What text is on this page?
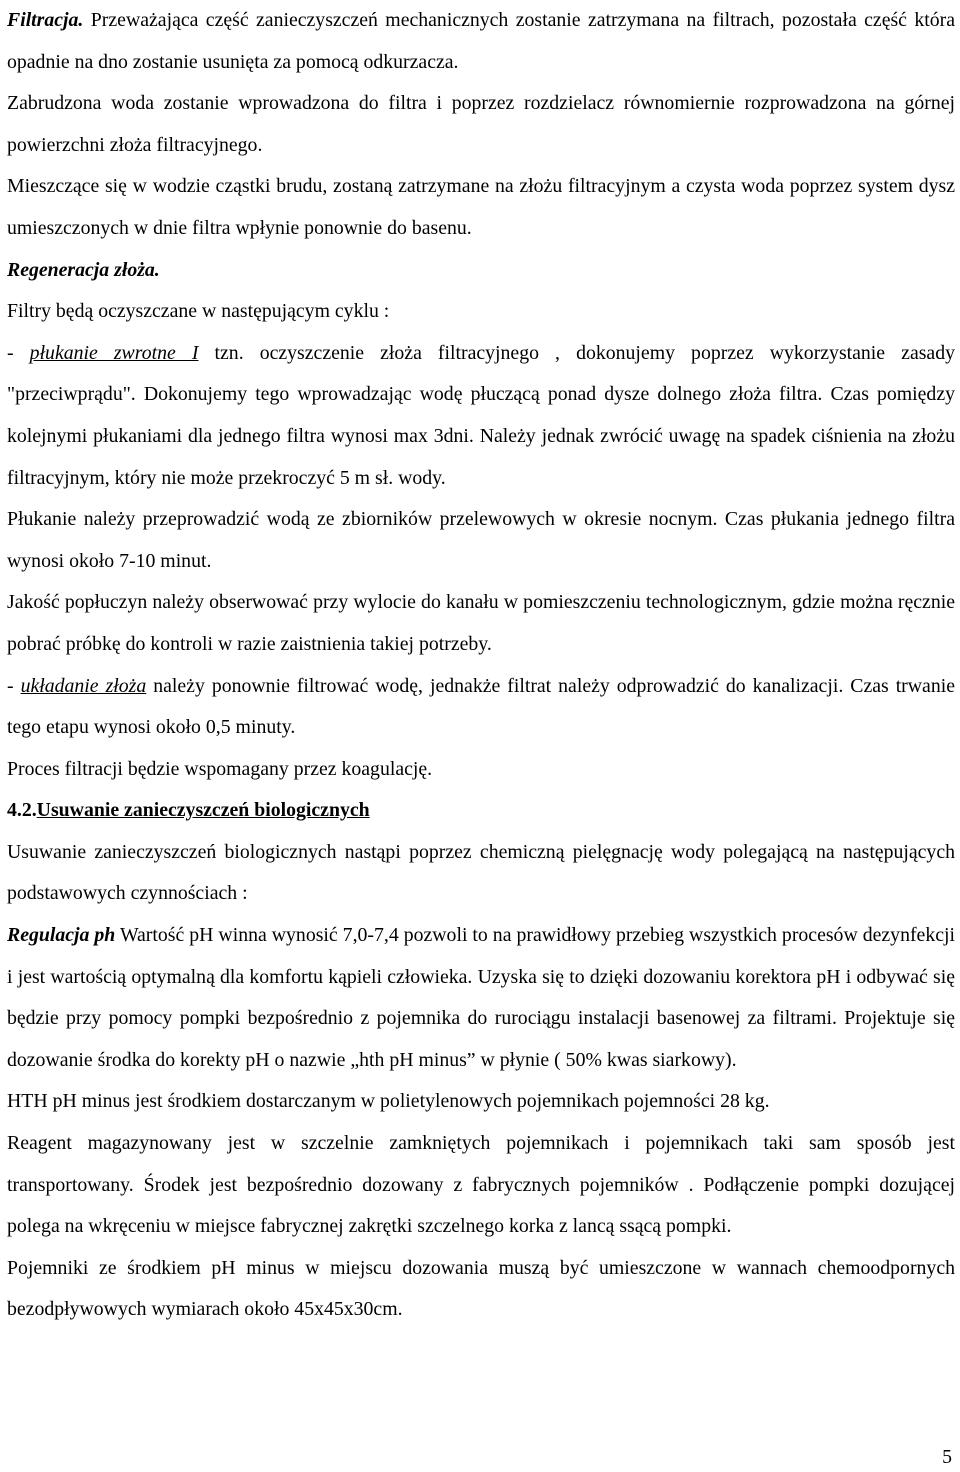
Filtracja. Przeważająca część zanieczyszczeń mechanicznych zostanie zatrzymana na filtrach, pozostała część która opadnie na dno zostanie usunięta za pomocą odkurzacza.

Zabrudzona woda zostanie wprowadzona do filtra i poprzez rozdzielacz równomiernie rozprowadzona na górnej powierzchni złoża filtracyjnego.

Mieszczące się w wodzie cząstki brudu, zostaną zatrzymane na złożu filtracyjnym a czysta woda poprzez system dysz umieszczonych w dnie filtra wpłynie ponownie do basenu.

Regeneracja złoża.

Filtry będą oczyszczane w następującym cyklu :

- płukanie zwrotne I tzn. oczyszczenie złoża filtracyjnego , dokonujemy poprzez wykorzystanie zasady "przeciwprądu". Dokonujemy tego wprowadzając wodę płuczącą ponad dysze dolnego złoża filtra. Czas pomiędzy kolejnymi płukaniami dla jednego filtra wynosi max 3dni. Należy jednak zwrócić uwagę na spadek ciśnienia na złożu filtracyjnym, który nie może przekroczyć 5 m sł. wody.

Płukanie należy przeprowadzić wodą ze zbiorników przelewowych w okresie nocnym. Czas płukania jednego filtra wynosi około 7-10 minut.

Jakość popłuczyn należy obserwować przy wylocie do kanału w pomieszczeniu technologicznym, gdzie można ręcznie pobrać próbkę do kontroli w razie zaistnienia takiej potrzeby.

- układanie złoża należy ponownie filtrować wodę, jednakże filtrat należy odprowadzić do kanalizacji. Czas trwanie tego etapu wynosi około 0,5 minuty.

Proces filtracji będzie wspomagany przez koagulację.

4.2.Usuwanie zanieczyszczeń biologicznych

Usuwanie zanieczyszczeń biologicznych nastąpi poprzez chemiczną pielęgnację wody polegającą na następujących podstawowych czynnościach :

Regulacja ph Wartość pH winna wynosić 7,0-7,4 pozwoli to na prawidłowy przebieg wszystkich procesów dezynfekcji i jest wartością optymalną dla komfortu kąpieli człowieka. Uzyska się to dzięki dozowaniu korektora pH i odbywać się będzie przy pomocy pompki bezpośrednio z pojemnika do rurociągu instalacji basenowej za filtrami. Projektuje się dozowanie środka do korekty pH o nazwie „hth pH minus” w płynie ( 50% kwas siarkowy).

HTH pH minus jest środkiem dostarczanym w polietylenowych pojemnikach pojemności 28 kg.

Reagent magazynowany jest w szczelnie zamkniętych pojemnikach i pojemnikach taki sam sposób jest transportowany. Środek jest bezpośrednio dozowany z fabrycznych pojemników . Podłączenie pompki dozującej polega na wkręceniu w miejsce fabrycznej zakrętki szczelnego korka z lancą ssącą pompki.

Pojemniki ze środkiem pH minus w miejscu dozowania muszą być umieszczone w wannach chemoodpornych bezodpływowych wymiarach około 45x45x30cm.

5
